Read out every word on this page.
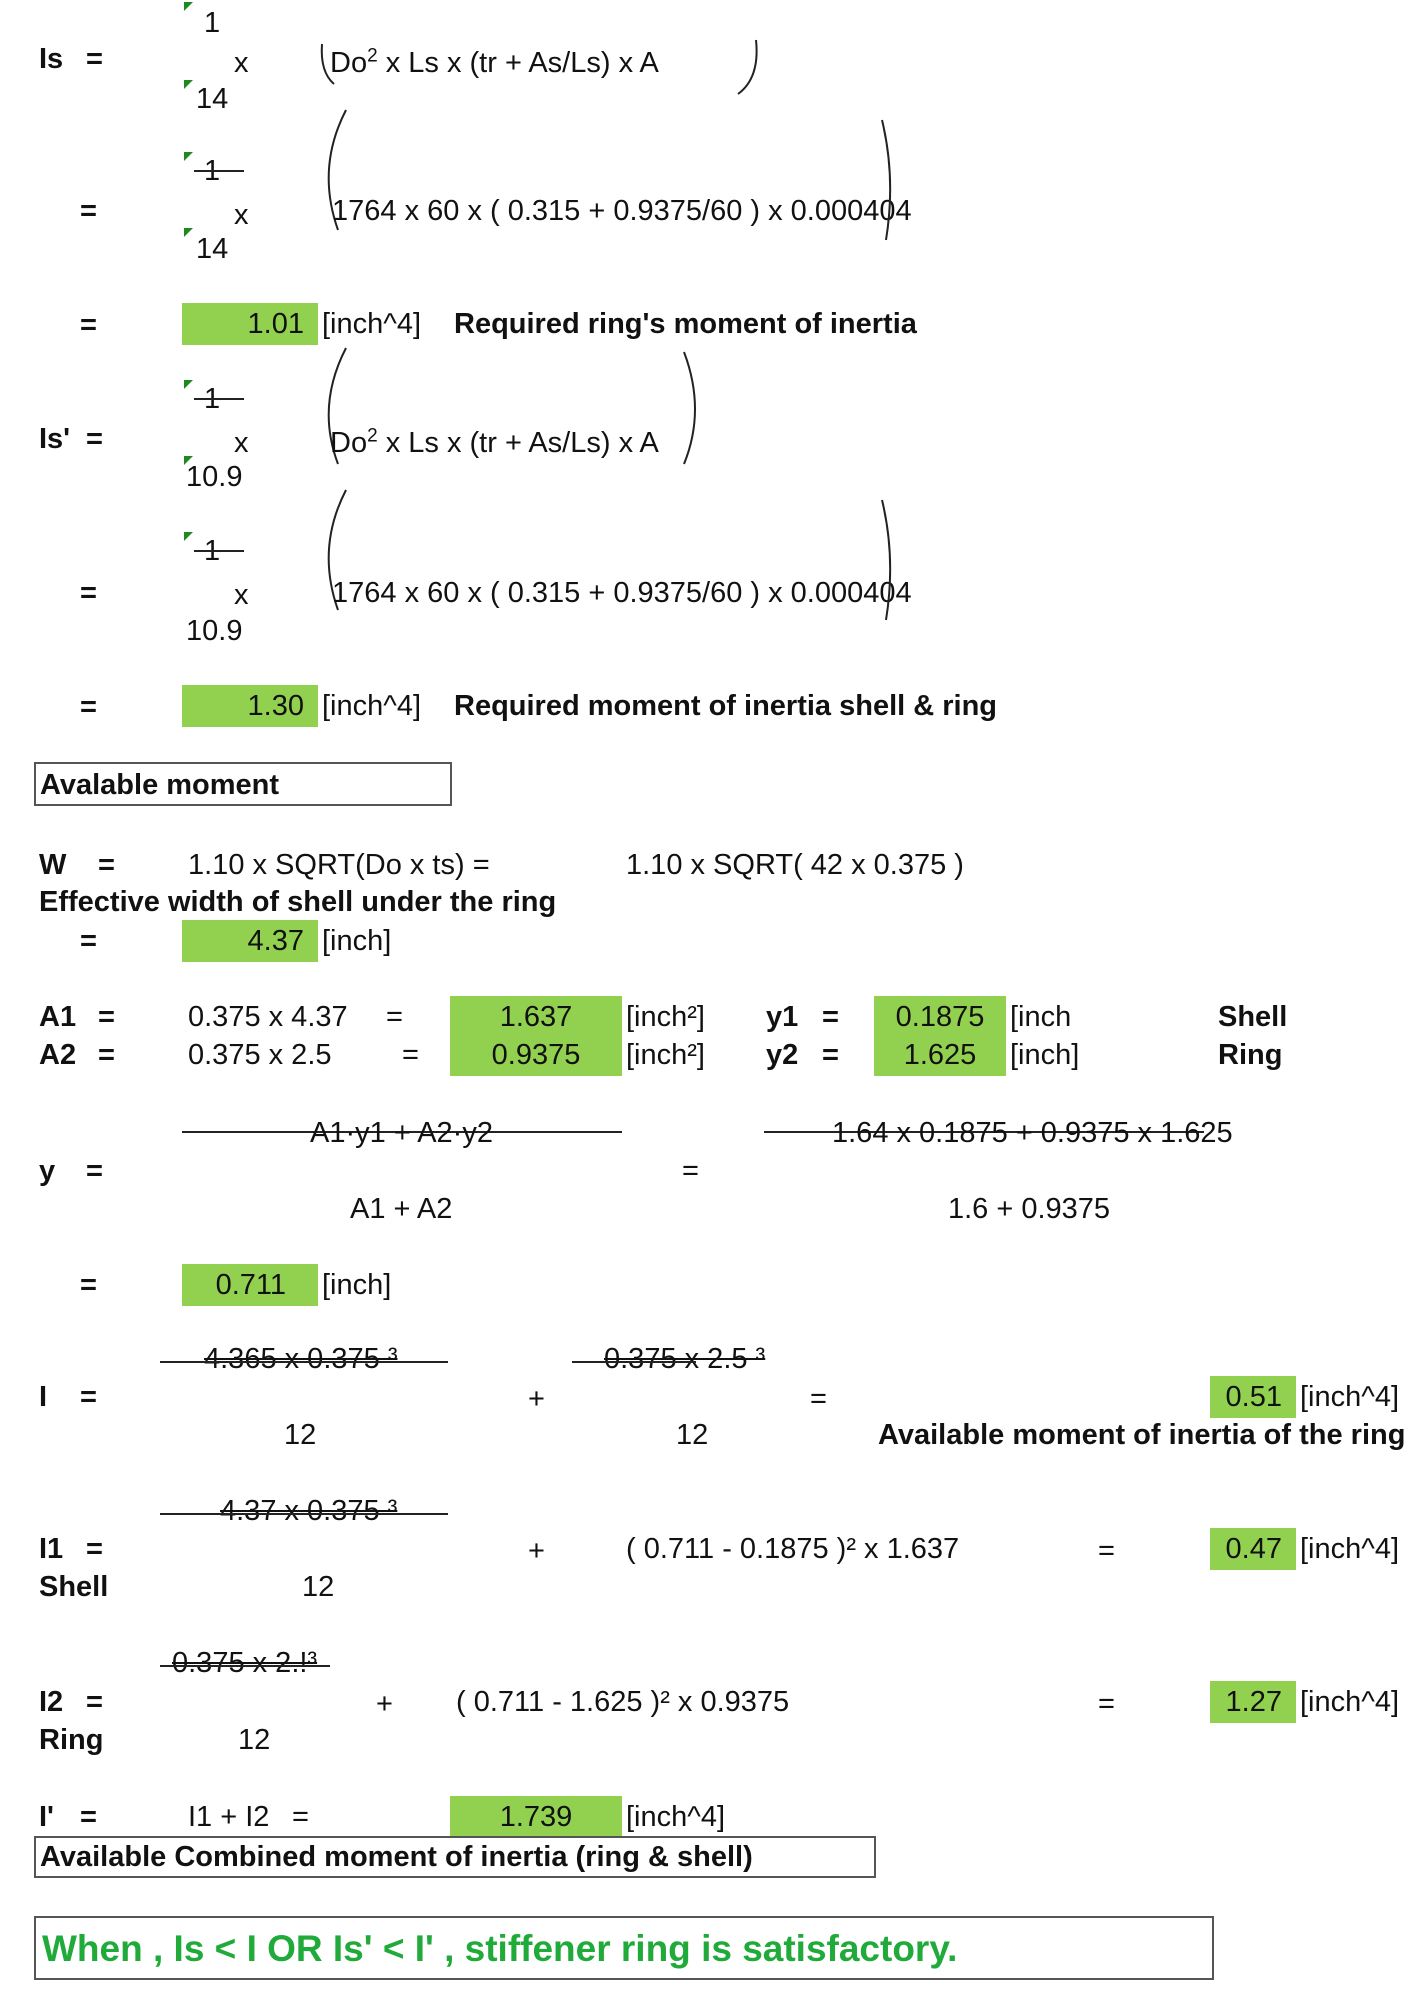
Is =
1
x
14
Do$^2$ x Ls x (tr + As/Ls) x A
=
1
x
14
1764 x 60 x ( 0.315 + 0.9375/60 ) x 0.000404
=	1.01 [inch^4] Required ring's moment of inertia
1
Is' =	x
10.9
Do$^2$ x Ls x (tr + As/Ls) x A
1
=	x
10.9
1764 x 60 x ( 0.315 + 0.9375/60 ) x 0.000404
=	1.30 [inch^4] Required moment of inertia shell & ring
Avalable moment
W =	1.10 x SQRT(Do x ts) =	1.10 x SQRT( 42 x 0.375 )
Effective width of shell under the ring
=	4.37 [inch]
A1 =	0.375 x 4.37 =	1.637	[inch²] y1 =	0.1875 [inch	Shell
A2 =	0.375 x 2.5 =	0.9375	[inch²] y2 =	1.625	[inch]	Ring
A1·y1 + A2·y2	1.64 x 0.1875 + 0.9375 x 1.625
y =	=
A1 + A2	1.6 + 0.9375
=	0.711	[inch]
4.365 x 0.375 ³	0.375 x 2.5 ³
I =	+	=	0.51 [inch^4]
12	12	Available moment of inertia of the ring
4.37 x 0.375 ³
I1 =	+	( 0.711 - 0.1875 )² x 1.637	=	0.47 [inch^4]
Shell	12
0.375 x 2.!³
I2 =	+ ( 0.711 - 1.625 )² x 0.9375	=	1.27 [inch^4]
Ring	12
I' =	I1 + I2 =	1.739	[inch^4]
Available Combined moment of inertia (ring & shell)
When , Is < I OR Is' < I' , stiffener ring is satisfactory.
